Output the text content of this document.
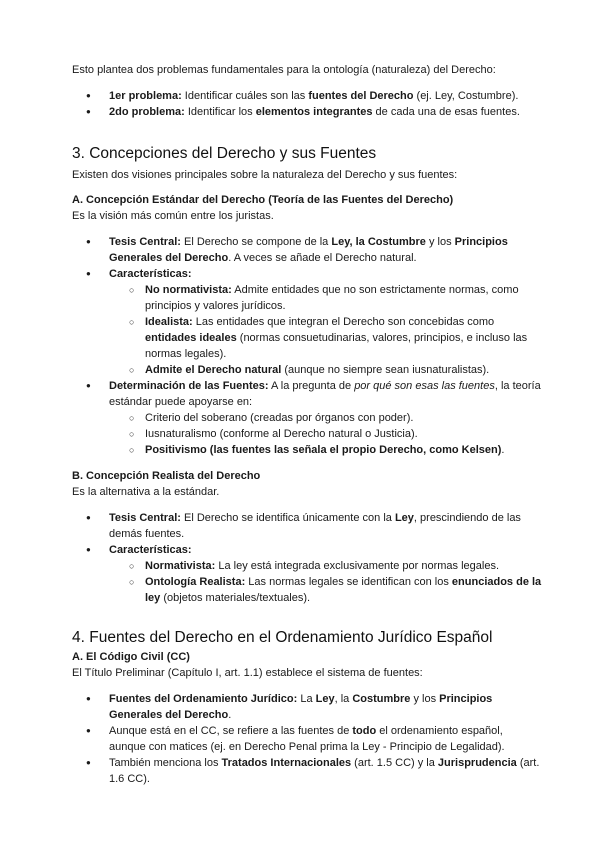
Esto plantea dos problemas fundamentales para la ontología (naturaleza) del Derecho:

● 1er problema: Identificar cuáles son las fuentes del Derecho (ej. Ley, Costumbre).
● 2do problema: Identificar los elementos integrantes de cada una de esas fuentes.
3. Concepciones del Derecho y sus Fuentes

Existen dos visiones principales sobre la naturaleza del Derecho y sus fuentes:

A. Concepción Estándar del Derecho (Teoría de las Fuentes del Derecho)

Es la visión más común entre los juristas.

● Tesis Central: El Derecho se compone de la Ley, la Costumbre y los Principios Generales del Derecho. A veces se añade el Derecho natural.
● Características:
○ No normativista: Admite entidades que no son estrictamente normas, como principios y valores jurídicos.
○ Idealista: Las entidades que integran el Derecho son concebidas como entidades ideales (normas consuetudinarias, valores, principios, e incluso las normas legales).
○ Admite el Derecho natural (aunque no siempre sean iusnaturalistas).
● Determinación de las Fuentes: A la pregunta de por qué son esas las fuentes, la teoría estándar puede apoyarse en:
○ Criterio del soberano (creadas por órganos con poder).
○ Iusnaturalismo (conforme al Derecho natural o Justicia).
○ Positivismo (las fuentes las señala el propio Derecho, como Kelsen).
B. Concepción Realista del Derecho

Es la alternativa a la estándar.

● Tesis Central: El Derecho se identifica únicamente con la Ley, prescindiendo de las demás fuentes.
● Características:
○ Normativista: La ley está integrada exclusivamente por normas legales.
○ Ontología Realista: Las normas legales se identifican con los enunciados de la ley (objetos materiales/textuales).
4. Fuentes del Derecho en el Ordenamiento Jurídico Español
A. El Código Civil (CC)

El Título Preliminar (Capítulo I, art. 1.1) establece el sistema de fuentes:

● Fuentes del Ordenamiento Jurídico: La Ley, la Costumbre y los Principios Generales del Derecho.
● Aunque está en el CC, se refiere a las fuentes de todo el ordenamiento español, aunque con matices (ej. en Derecho Penal prima la Ley - Principio de Legalidad).
● También menciona los Tratados Internacionales (art. 1.5 CC) y la Jurisprudencia (art. 1.6 CC).
